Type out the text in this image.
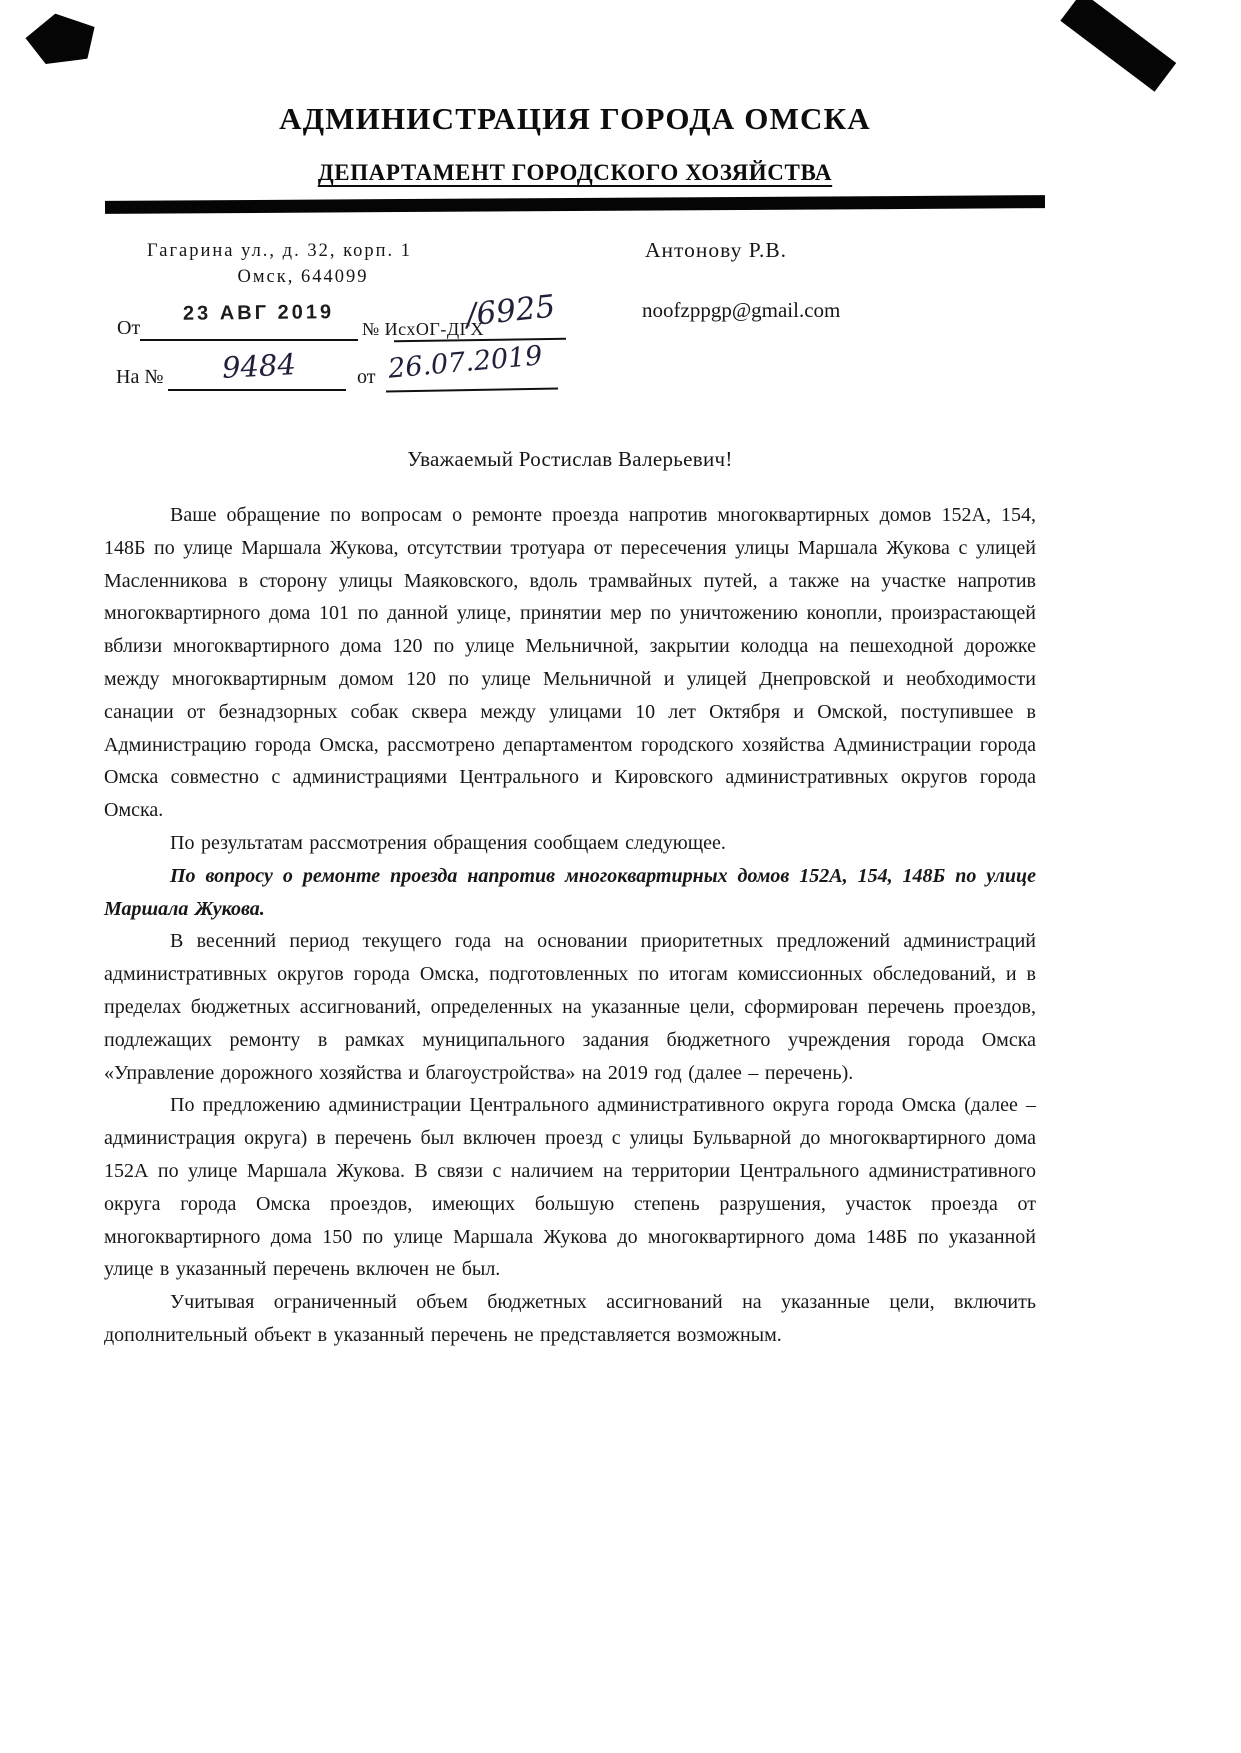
АДМИНИСТРАЦИЯ ГОРОДА ОМСКА
ДЕПАРТАМЕНТ ГОРОДСКОГО ХОЗЯЙСТВА
Гагарина ул., д. 32, корп. 1
Омск, 644099
От
23 АВГ 2019
№ ИсхОГ-ДГХ
/6925
На № 9484	от 26.07.2019
Антонову Р.В.
noofzppgp@gmail.com
Уважаемый Ростислав Валерьевич!

Ваше обращение по вопросам о ремонте проезда напротив многоквартирных домов 152А, 154, 148Б по улице Маршала Жукова, отсутствии тротуара от пересечения улицы Маршала Жукова с улицей Масленникова в сторону улицы Маяковского, вдоль трамвайных путей, а также на участке напротив многоквартирного дома 101 по данной улице, принятии мер по уничтожению конопли, произрастающей вблизи многоквартирного дома 120 по улице Мельничной, закрытии колодца на пешеходной дорожке между многоквартирным домом 120 по улице Мельничной и улицей Днепровской и необходимости санации от безнадзорных собак сквера между улицами 10 лет Октября и Омской, поступившее в Администрацию города Омска, рассмотрено департаментом городского хозяйства Администрации города Омска совместно с администрациями Центрального и Кировского административных округов города Омска.

По результатам рассмотрения обращения сообщаем следующее.

По вопросу о ремонте проезда напротив многоквартирных домов 152А, 154, 148Б по улице Маршала Жукова.

В весенний период текущего года на основании приоритетных предложений администраций административных округов города Омска, подготовленных по итогам комиссионных обследований, и в пределах бюджетных ассигнований, определенных на указанные цели, сформирован перечень проездов, подлежащих ремонту в рамках муниципального задания бюджетного учреждения города Омска «Управление дорожного хозяйства и благоустройства» на 2019 год (далее – перечень).

По предложению администрации Центрального административного округа города Омска (далее – администрация округа) в перечень был включен проезд с улицы Бульварной до многоквартирного дома 152А по улице Маршала Жукова. В связи с наличием на территории Центрального административного округа города Омска проездов, имеющих большую степень разрушения, участок проезда от многоквартирного дома 150 по улице Маршала Жукова до многоквартирного дома 148Б по указанной улице в указанный перечень включен не был.

Учитывая ограниченный объем бюджетных ассигнований на указанные цели, включить дополнительный объект в указанный перечень не представляется возможным.
